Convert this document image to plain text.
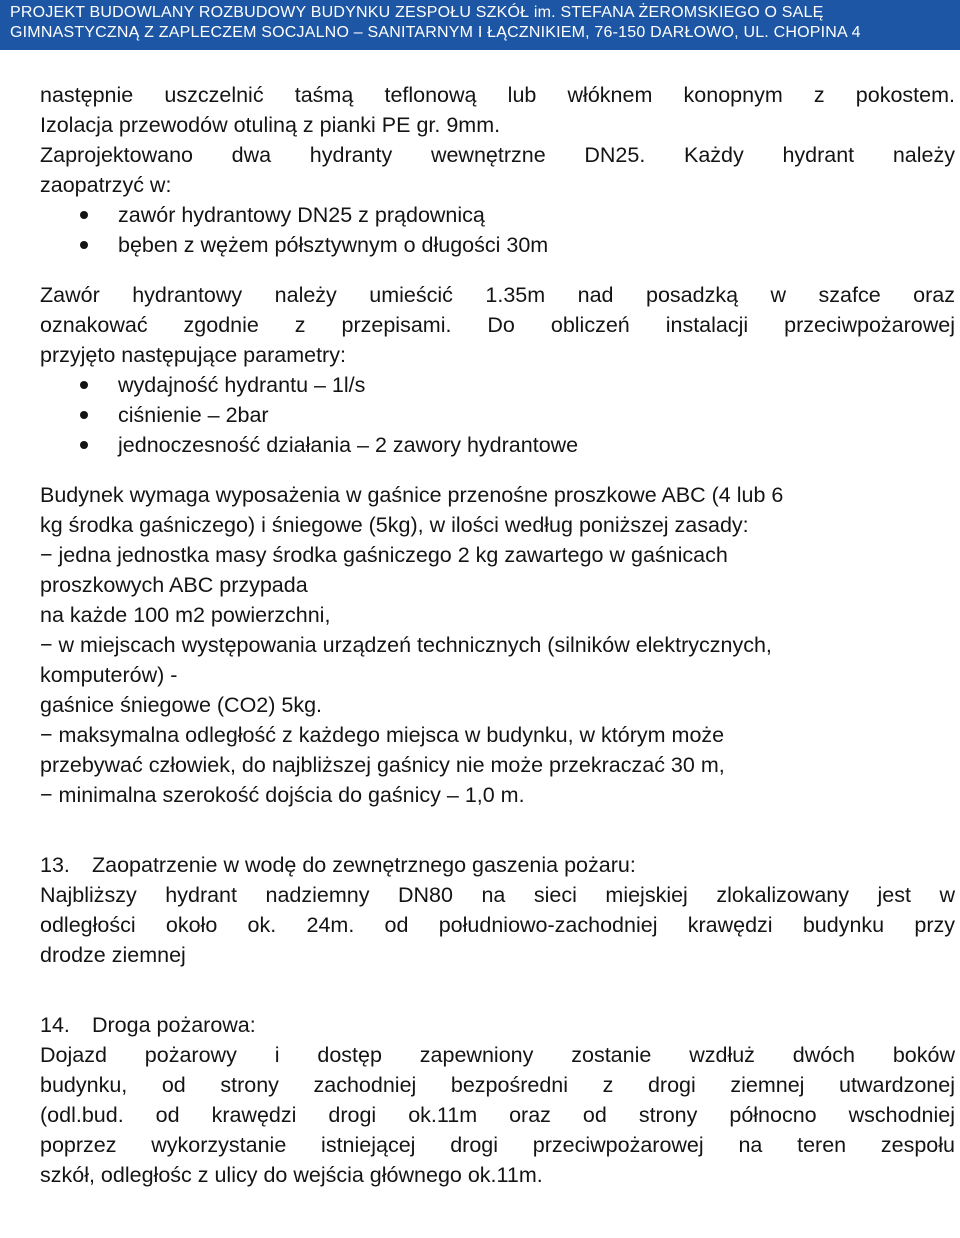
PROJEKT BUDOWLANY ROZBUDOWY BUDYNKU ZESPOŁU SZKÓŁ im. STEFANA ŻEROMSKIEGO O SALĘ
GIMNASTYCZNĄ Z ZAPLECZEM SOCJALNO – SANITARNYM I ŁĄCZNIKIEM, 76-150 DARŁOWO, UL. CHOPINA 4
następnie uszczelnić taśmą teflonową lub włóknem konopnym z pokostem.
Izolacja przewodów otuliną z pianki PE gr. 9mm.
Zaprojektowano dwa hydranty wewnętrzne DN25. Każdy hydrant należy
zaopatrzyć w:
zawór hydrantowy DN25 z prądownicą
bęben z wężem półsztywnym o długości 30m
Zawór hydrantowy należy umieścić 1.35m nad posadzką w szafce oraz
oznakować zgodnie z przepisami. Do obliczeń instalacji przeciwpożarowej
przyjęto następujące parametry:
wydajność hydrantu – 1l/s
ciśnienie – 2bar
jednoczesność działania – 2 zawory hydrantowe
Budynek wymaga wyposażenia w gaśnice przenośne proszkowe ABC (4 lub 6
kg środka gaśniczego) i śniegowe (5kg), w ilości według poniższej zasady:
− jedna jednostka masy środka gaśniczego 2 kg zawartego w gaśnicach
proszkowych ABC przypada
na każde 100 m2 powierzchni,
− w miejscach występowania urządzeń technicznych (silników elektrycznych,
komputerów) -
gaśnice śniegowe (CO2) 5kg.
− maksymalna odległość z każdego miejsca w budynku, w którym może
przebywać człowiek, do najbliższej gaśnicy nie może przekraczać 30 m,
− minimalna szerokość dojścia do gaśnicy – 1,0 m.
13. Zaopatrzenie w wodę do zewnętrznego gaszenia pożaru:
Najbliższy hydrant nadziemny DN80 na sieci miejskiej zlokalizowany jest w
odległości około ok. 24m. od południowo-zachodniej krawędzi budynku przy
drodze ziemnej
14. Droga pożarowa:
Dojazd pożarowy i dostęp zapewniony zostanie wzdłuż dwóch boków
budynku, od strony zachodniej bezpośredni z drogi ziemnej utwardzonej
(odl.bud. od krawędzi drogi ok.11m oraz od strony północno wschodniej
poprzez wykorzystanie istniejącej drogi przeciwpożarowej na teren zespołu
szkół, odległośc z ulicy do wejścia głównego ok.11m.
